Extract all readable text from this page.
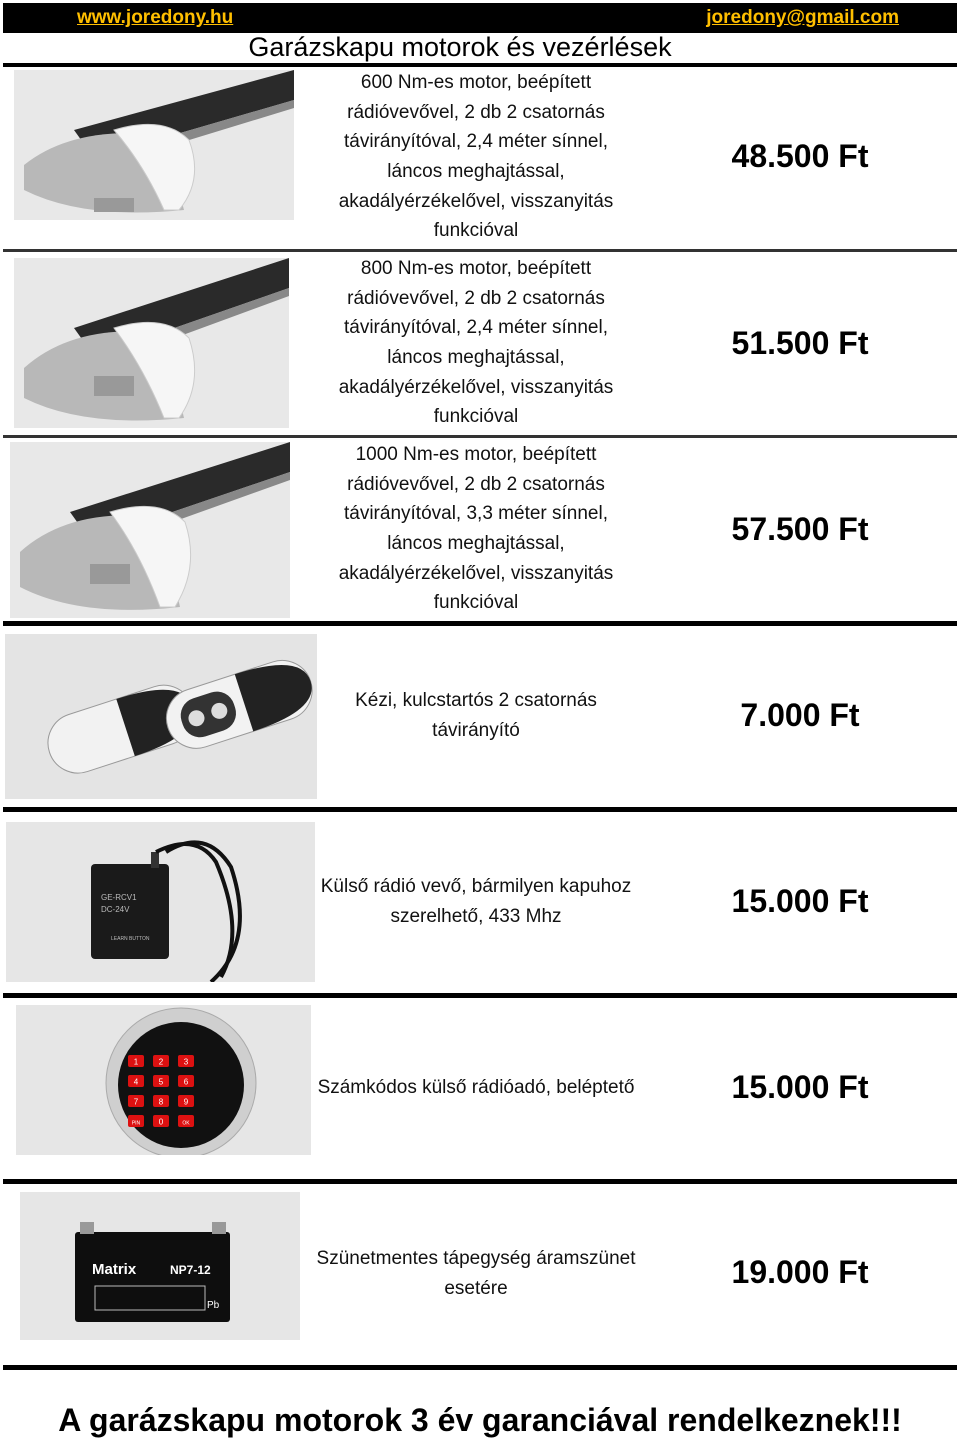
www.joredony.hu	joredony@gmail.com
Garázskapu motorok és vezérlések
600 Nm-es motor, beépített rádióvevővel, 2 db 2 csatornás távirányítóval, 2,4 méter sínnel, láncos meghajtással, akadályérzékelővel, visszanyitás funkcióval
48.500 Ft
800 Nm-es motor, beépített rádióvevővel, 2 db 2 csatornás távirányítóval, 2,4 méter sínnel, láncos meghajtással, akadályérzékelővel, visszanyitás funkcióval
51.500 Ft
1000 Nm-es motor, beépített rádióvevővel, 2 db 2 csatornás távirányítóval, 3,3 méter sínnel, láncos meghajtással, akadályérzékelővel, visszanyitás funkcióval
57.500 Ft
Kézi, kulcstartós 2 csatornás távirányító	7.000 Ft
GE-RCV1
DC-24V
LEARN BUTTON
Külső rádió vevő, bármilyen kapuhoz szerelhető, 433 Mhz	15.000 Ft
1	2	3
4	5	6
7	8	9
PIN 0	OK
Számkódos külső rádióadó, beléptető	15.000 Ft
Matrix	NP7-12
Pb
Szünetmentes tápegység áramszünet esetére	19.000 Ft
A garázskapu motorok 3 év garanciával rendelkeznek!!!
